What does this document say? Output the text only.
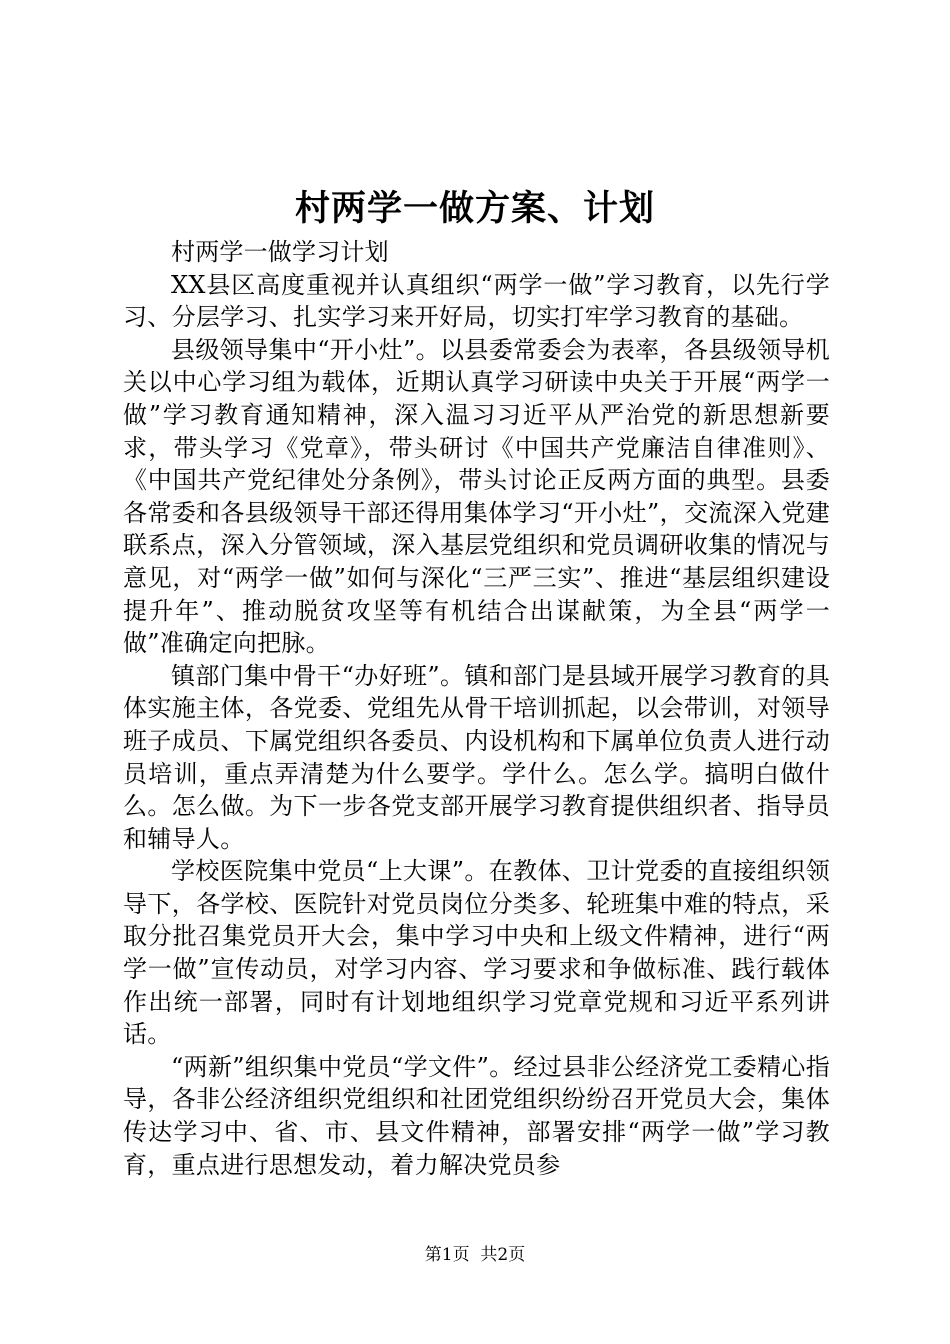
村两学一做方案、计划

村两学一做学习计划

XX县区高度重视并认真组织“两学一做”学习教育，以先行学习、分层学习、扎实学习来开好局，切实打牢学习教育的基础。

县级领导集中“开小灶”。以县委常委会为表率，各县级领导机关以中心学习组为载体，近期认真学习研读中央关于开展“两学一做”学习教育通知精神，深入温习习近平从严治党的新思想新要求，带头学习《党章》，带头研讨《中国共产党廉洁自律准则》、《中国共产党纪律处分条例》，带头讨论正反两方面的典型。县委各常委和各县级领导干部还得用集体学习“开小灶”，交流深入党建联系点，深入分管领域，深入基层党组织和党员调研收集的情况与意见，对“两学一做”如何与深化“三严三实”、推进“基层组织建设提升年”、推动脱贫攻坚等有机结合出谋献策，为全县“两学一做”准确定向把脉。

镇部门集中骨干“办好班”。镇和部门是县域开展学习教育的具体实施主体，各党委、党组先从骨干培训抓起，以会带训，对领导班子成员、下属党组织各委员、内设机构和下属单位负责人进行动员培训，重点弄清楚为什么要学。学什么。怎么学。搞明白做什么。怎么做。为下一步各党支部开展学习教育提供组织者、指导员和辅导人。

学校医院集中党员“上大课”。在教体、卫计党委的直接组织领导下，各学校、医院针对党员岗位分类多、轮班集中难的特点，采取分批召集党员开大会，集中学习中央和上级文件精神，进行“两学一做”宣传动员，对学习内容、学习要求和争做标准、践行载体作出统一部署，同时有计划地组织学习党章党规和习近平系列讲话。

“两新”组织集中党员“学文件”。经过县非公经济党工委精心指导，各非公经济组织党组织和社团党组织纷纷召开党员大会，集体传达学习中、省、市、县文件精神，部署安排“两学一做”学习教育，重点进行思想发动，着力解决党员参

第1页 共2页
